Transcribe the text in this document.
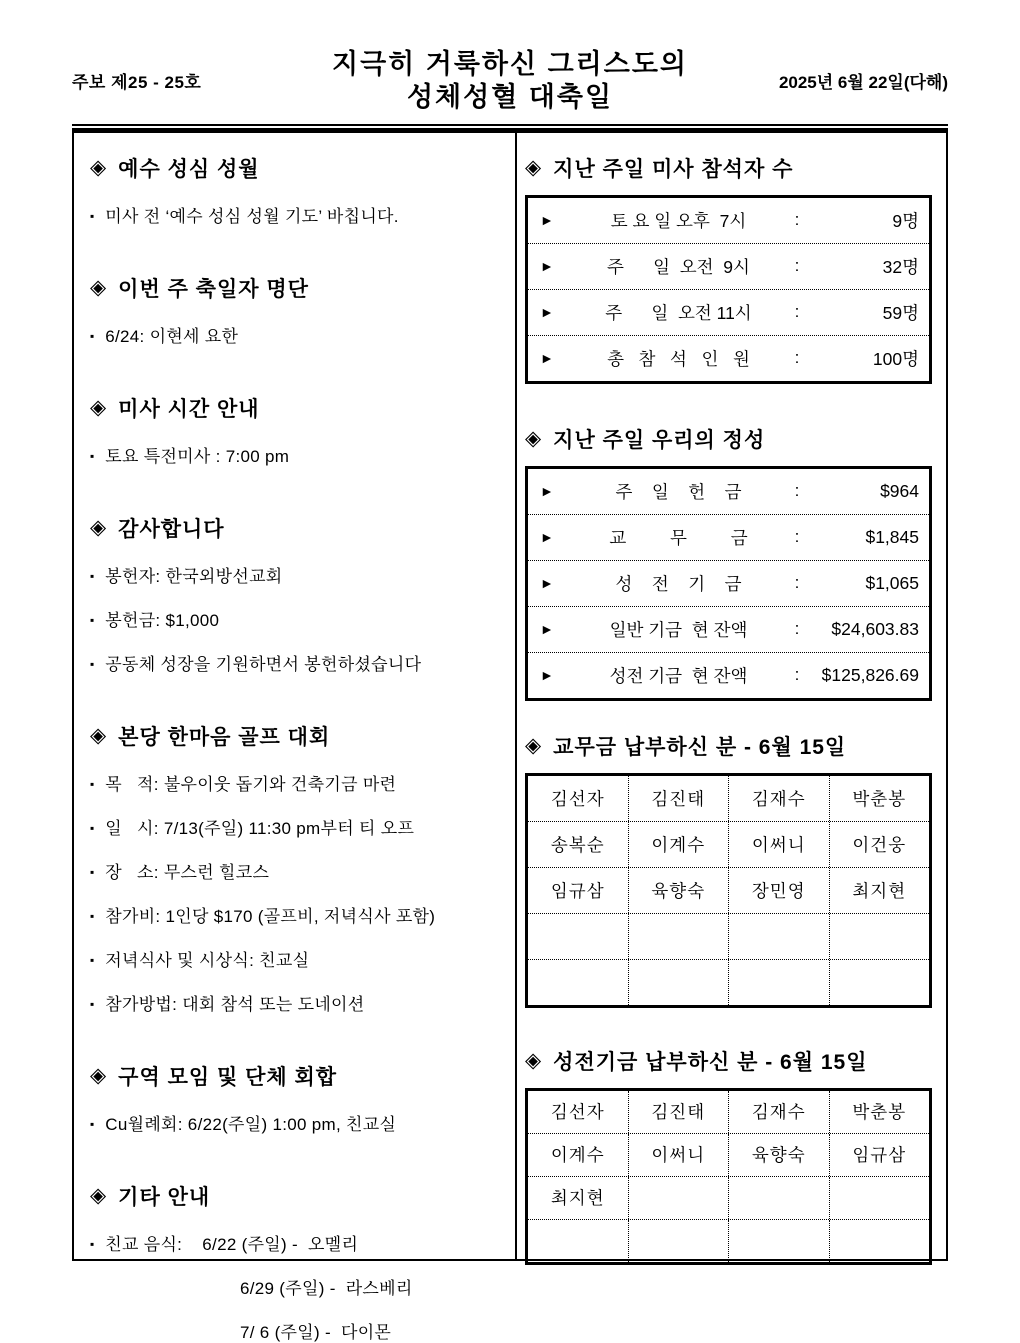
주보 제25 - 25호
지극히 거룩하신 그리스도의
성체성혈 대축일	2025년 6월 22일(다해)
◈ 예수 성심 성월
▪ 미사 전 ‘예수 성심 성월 기도’ 바칩니다.
◈ 이번 주 축일자 명단
▪ 6/24: 이현세 요한
◈ 미사 시간 안내
▪ 토요 특전미사 : 7:00 pm
◈ 감사합니다
▪ 봉헌자: 한국외방선교회
▪ 봉헌금: $1,000
▪ 공동체 성장을 기원하면서 봉헌하셨습니다
◈ 본당 한마음 골프 대회
▪ 목   적: 불우이웃 돕기와 건축기금 마련
▪ 일   시: 7/13(주일) 11:30 pm부터 티 오프
▪ 장   소: 무스런 힐코스
▪ 참가비: 1인당 $170 (골프비, 저녁식사 포함)
▪ 저녁식사 및 시상식: 친교실
▪ 참가방법: 대회 참석 또는 도네이션
◈ 구역 모임 및 단체 회합
▪ Cu월례회: 6/22(주일) 1:00 pm, 친교실
◈ 기타 안내
▪ 친교 음식:    6/22 (주일) -  오멜리
6/29 (주일) -  라스베리
7/ 6 (주일) -  다이몬
◈ 지난 주일 미사 참석자 수
►	토 요 일 오후  7시	:	9명
►	주      일  오전  9시	:	32명
►	주      일  오전 11시	:	59명
►	총   참   석   인   원	:	100명
◈ 지난 주일 우리의 정성
►	주    일    헌    금	:	$964
►	교         무         금	:	$1,845
►	성    전    기    금	:	$1,065
►	일반 기금  현 잔액	:	$24,603.83
►	성전 기금  현 잔액	:	$125,826.69
◈ 교무금 납부하신 분 - 6월 15일
김선자	김진태	김재수	박춘봉
송복순	이계수	이써니	이건웅
임규삼	육향숙	장민영	최지현
◈ 성전기금 납부하신 분 - 6월 15일
김선자	김진태	김재수	박춘봉
이계수	이써니	육향숙	임규삼
최지현
